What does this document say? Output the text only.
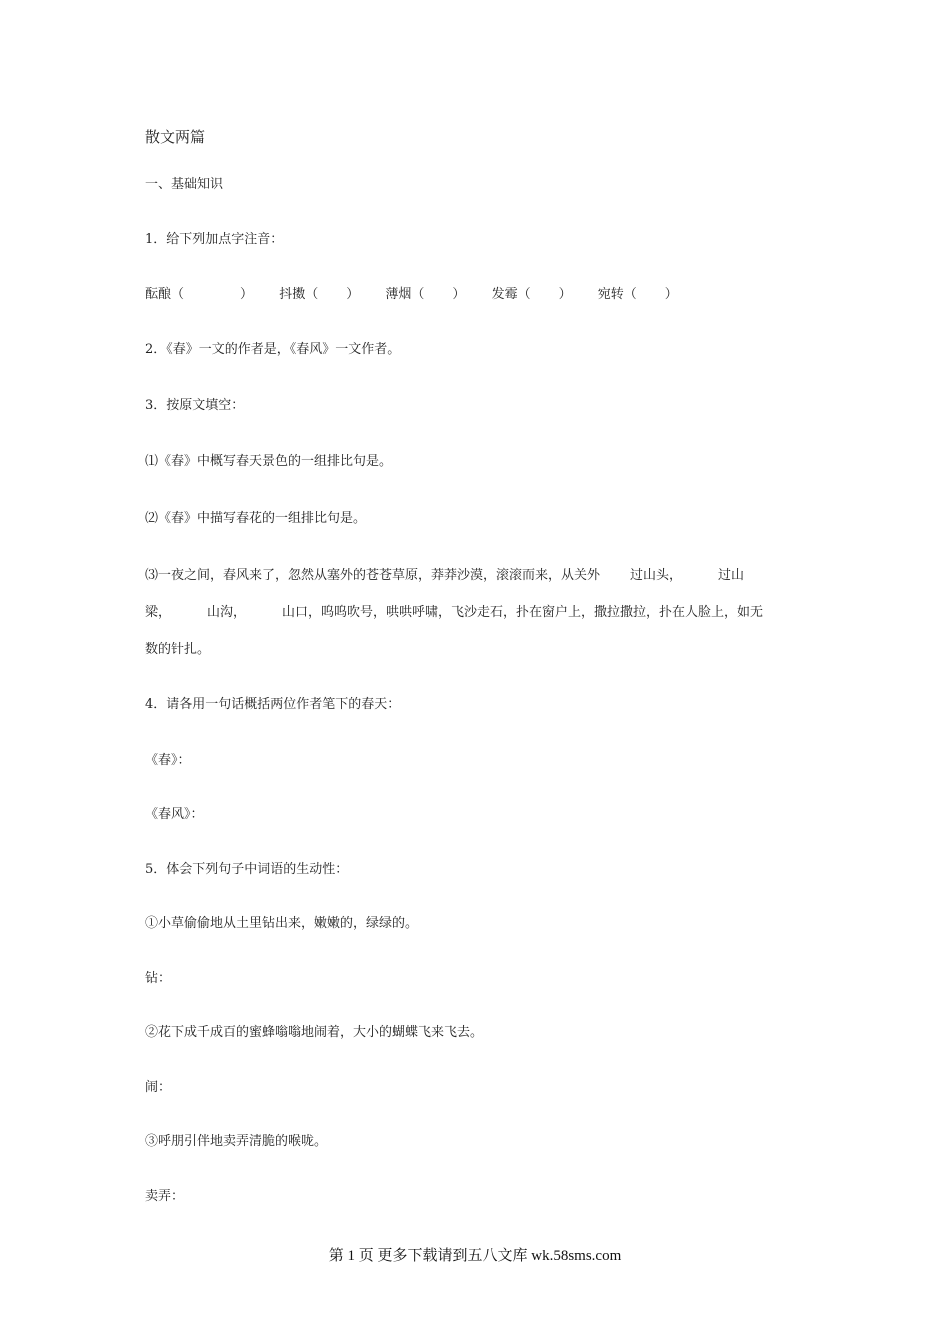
散文两篇
一、基础知识
1．给下列加点字注音：
酝酿（	） 抖擞（ ） 薄烟（ ） 发霉（ ） 宛转（ ）
2．《春》一文的作者是，《春风》一文作者。
3．按原文填空：
⑴《春》中概写春天景色的一组排比句是。
⑵《春》中描写春花的一组排比句是。
⑶一夜之间，春风来了，忽然从塞外的苍苍草原，莽莽沙漠，滚滚而来，从关外 过山头，	过山
梁，	山沟，	山口，呜呜吹号，哄哄呼啸，飞沙走石，扑在窗户上，撒拉撒拉，扑在人脸上，如无
数的针扎。
4．请各用一句话概括两位作者笔下的春天：
《春》：
《春风》：
5．体会下列句子中词语的生动性：
①小草偷偷地从土里钻出来，嫩嫩的，绿绿的。
钻：
②花下成千成百的蜜蜂嗡嗡地闹着，大小的蝴蝶飞来飞去。
闹：
③呼朋引伴地卖弄清脆的喉咙。
卖弄：
第 1 页 更多下载请到五八文库 wk.58sms.com
